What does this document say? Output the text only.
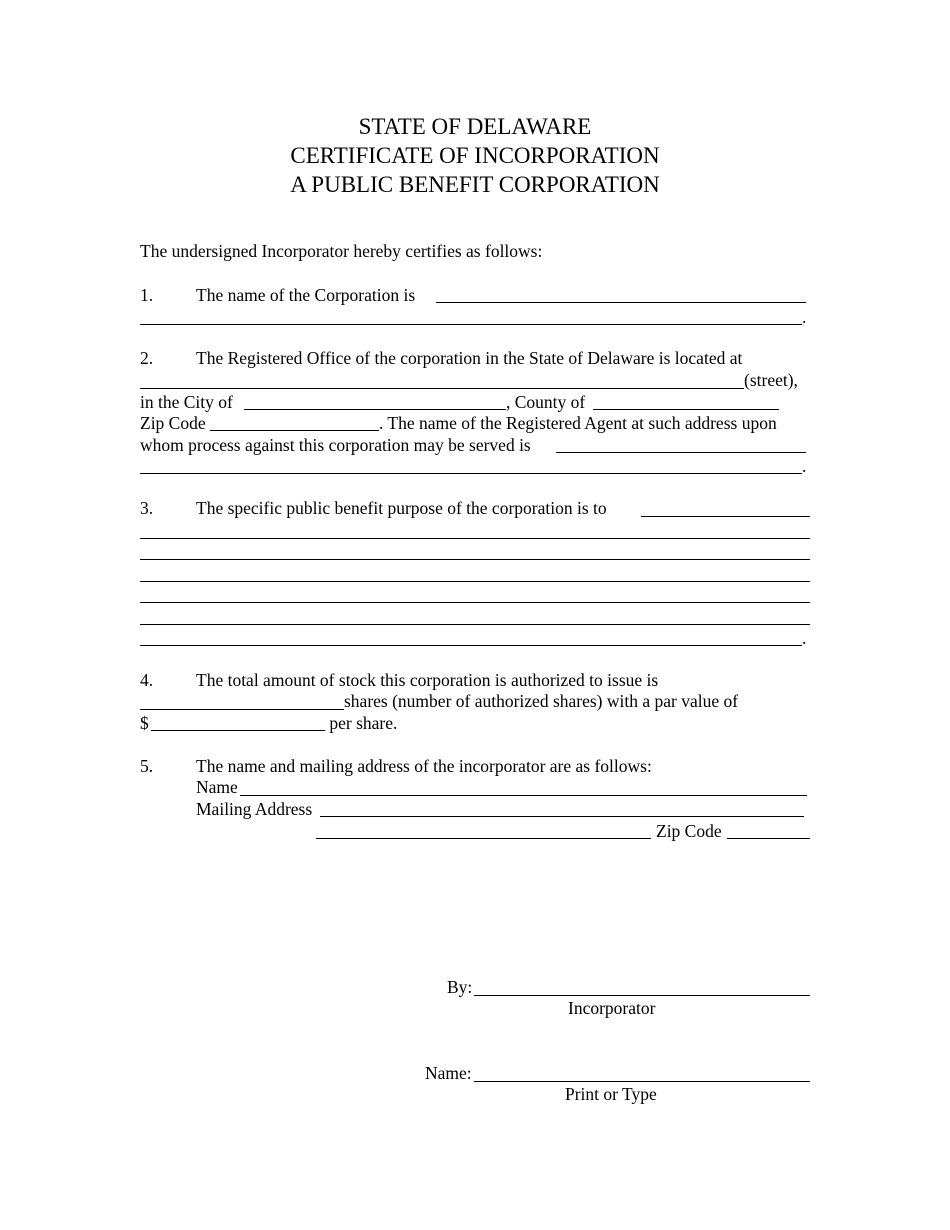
STATE OF DELAWARE
CERTIFICATE OF INCORPORATION
A PUBLIC BENEFIT CORPORATION
The undersigned Incorporator hereby certifies as follows:
1. The name of the Corporation is
.
2. The Registered Office of the corporation in the State of Delaware is located at
(street),
in the City of	, County of
Zip Code	. The name of the Registered Agent at such address upon
whom process against this corporation may be served is
.
3. The specific public benefit purpose of the corporation is to
.
4. The total amount of stock this corporation is authorized to issue is
shares (number of authorized shares) with a par value of
$	per share.
5. The name and mailing address of the incorporator are as follows:
Name
Mailing Address
Zip Code
By:
Incorporator
Name:
Print or Type
